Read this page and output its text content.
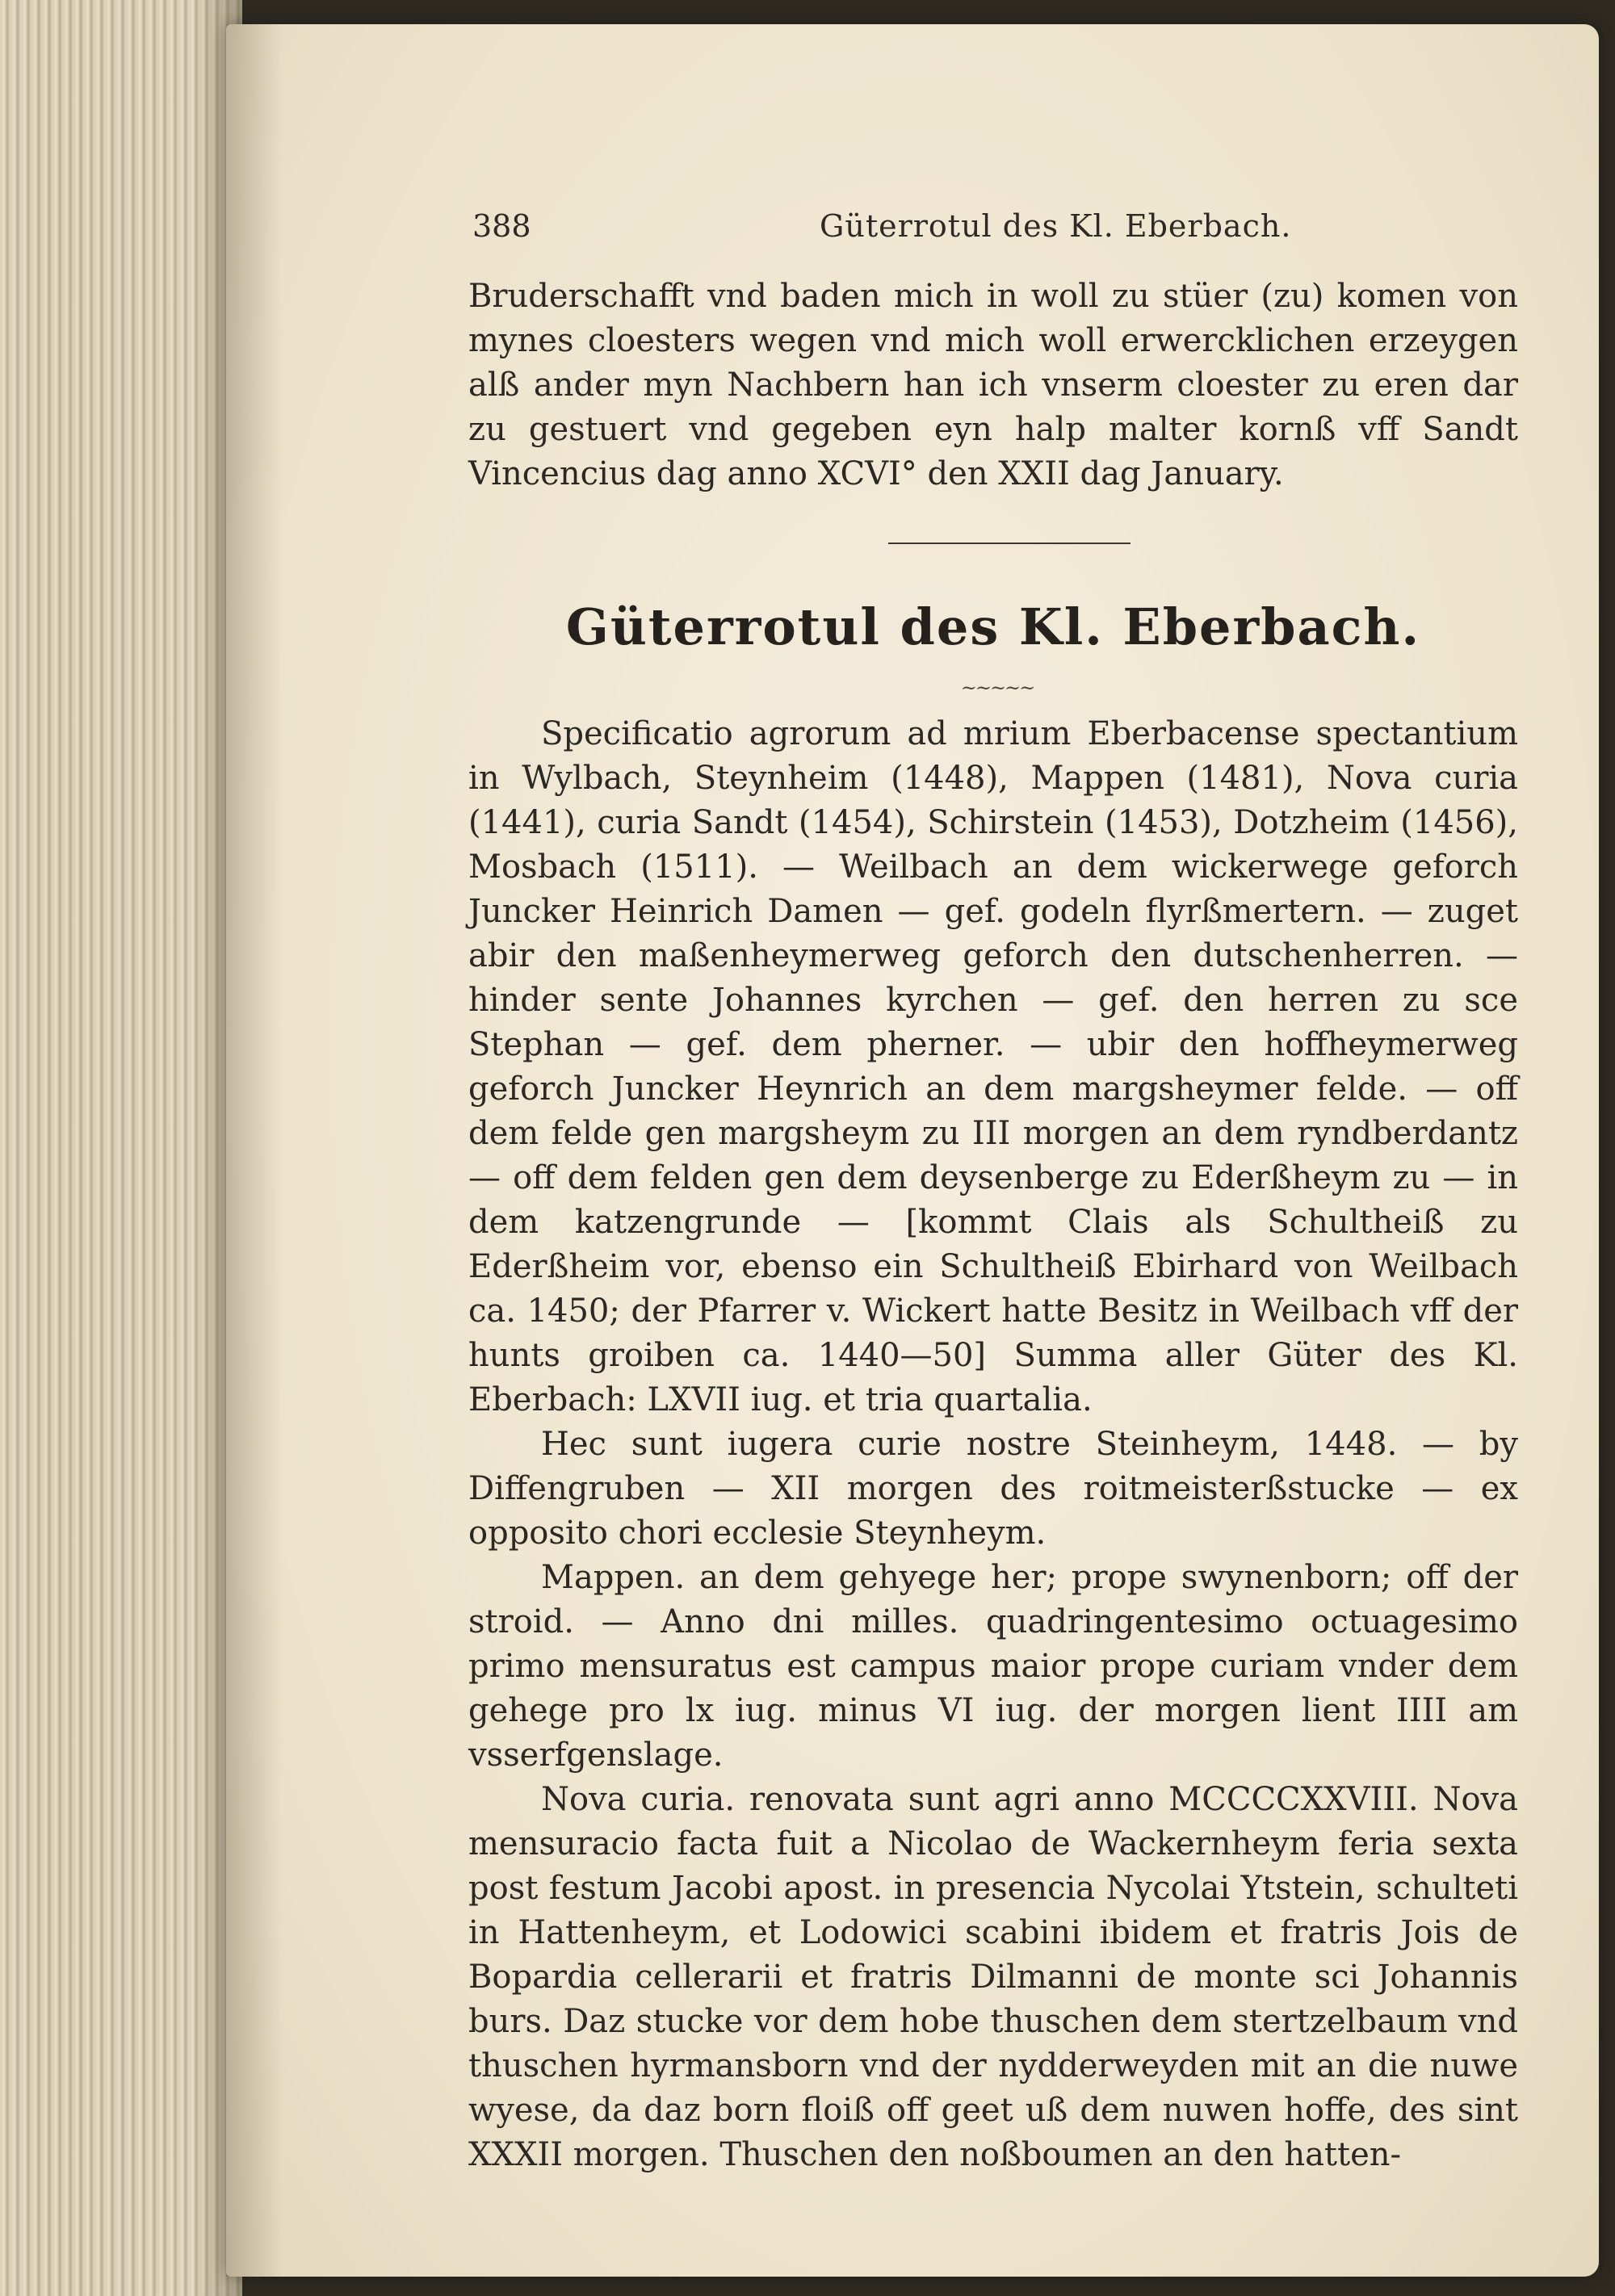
388	Güterrotul des Kl. Eberbach.

Bruderschafft vnd baden mich in woll zu stüer (zu) komen von mynes cloesters wegen vnd mich woll erwercklichen erzeygen alß ander myn Nachbern han ich vnserm cloester zu eren dar zu gestuert vnd gegeben eyn halp malter kornß vff Sandt Vincencius dag anno XCVI° den XXII dag January.

Güterrotul des Kl. Eberbach.
~~~~~

Specificatio agrorum ad mrium Eberbacense spectantium in Wylbach, Steynheim (1448), Mappen (1481), Nova curia (1441), curia Sandt (1454), Schirstein (1453), Dotzheim (1456), Mosbach (1511). — Weilbach an dem wickerwege geforch Juncker Heinrich Damen — gef. godeln flyrßmertern. — zuget abir den maßenheymerweg geforch den dutschenherren. — hinder sente Johannes kyrchen — gef. den herren zu sce Stephan — gef. dem pherner. — ubir den hoffheymerweg geforch Juncker Heynrich an dem margsheymer felde. — off dem felde gen margsheym zu III morgen an dem ryndberdantz — off dem felden gen dem deysenberge zu Ederßheym zu — in dem katzengrunde — [kommt Clais als Schultheiß zu Ederßheim vor, ebenso ein Schultheiß Ebirhard von Weilbach ca. 1450; der Pfarrer v. Wickert hatte Besitz in Weilbach vff der hunts groiben ca. 1440—50] Summa aller Güter des Kl. Eberbach: LXVII iug. et tria quartalia.

Hec sunt iugera curie nostre Steinheym, 1448. — by Diffengruben — XII morgen des roitmeisterßstucke — ex opposito chori ecclesie Steynheym.

Mappen. an dem gehyege her; prope swynenborn; off der stroid. — Anno dni milles. quadringentesimo octuagesimo primo mensuratus est campus maior prope curiam vnder dem gehege pro lx iug. minus VI iug. der morgen lient IIII am vsserfgenslage.

Nova curia. renovata sunt agri anno MCCCCXXVIII. Nova mensuracio facta fuit a Nicolao de Wackernheym feria sexta post festum Jacobi apost. in presencia Nycolai Ytstein, schulteti in Hattenheym, et Lodowici scabini ibidem et fratris Jois de Bopardia cellerarii et fratris Dilmanni de monte sci Johannis burs. Daz stucke vor dem hobe thuschen dem stertzelbaum vnd thuschen hyrmansborn vnd der nydderweyden mit an die nuwe wyese, da daz born floiß off geet uß dem nuwen hoffe, des sint XXXII morgen. Thuschen den noßboumen an den hatten-
